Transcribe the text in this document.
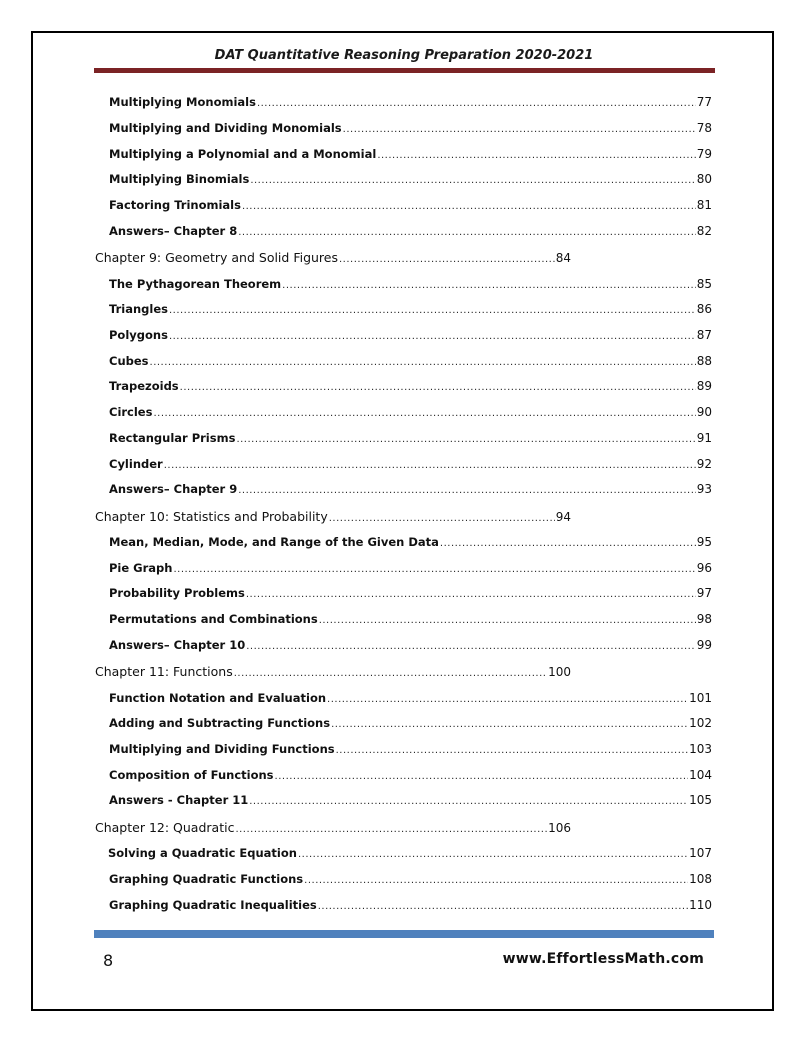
DAT Quantitative Reasoning Preparation 2020-2021
Multiplying Monomials .....	77
Multiplying and Dividing Monomials .....	78
Multiplying a Polynomial and a Monomial .....	79
Multiplying Binomials .....	80
Factoring Trinomials .....	81
Answers– Chapter 8 .....	82
Chapter 9: Geometry and Solid Figures .....	84
The Pythagorean Theorem .....	85
Triangles .....	86
Polygons .....	87
Cubes .....	88
Trapezoids .....	89
Circles .....	90
Rectangular Prisms .....	91
Cylinder .....	92
Answers– Chapter 9 .....	93
Chapter 10: Statistics and Probability .....	94
Mean, Median, Mode, and Range of the Given Data .....	95
Pie Graph .....	96
Probability Problems .....	97
Permutations and Combinations .....	98
Answers– Chapter 10 .....	99
Chapter 11: Functions .....	100
Function Notation and Evaluation .....	101
Adding and Subtracting Functions .....	102
Multiplying and Dividing Functions .....	103
Composition of Functions .....	104
Answers - Chapter 11 .....	105
Chapter 12: Quadratic .....	106
Solving a Quadratic Equation .....	107
Graphing Quadratic Functions .....	108
Graphing Quadratic Inequalities .....	110
8	www.EffortlessMath.com
